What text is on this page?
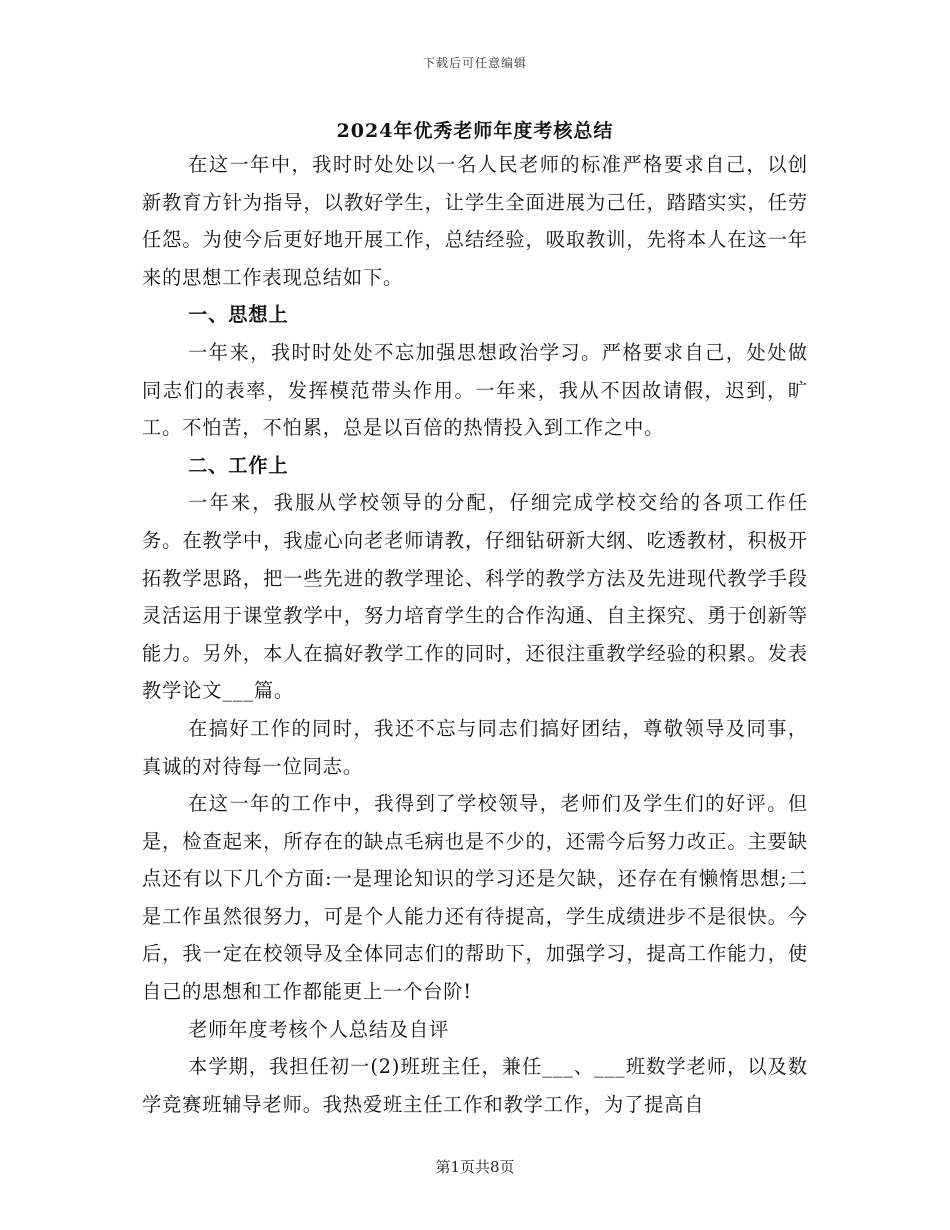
下载后可任意编辑
2024年优秀老师年度考核总结

在这一年中，我时时处处以一名人民老师的标准严格要求自己，以创新教育方针为指导，以教好学生，让学生全面进展为己任，踏踏实实，任劳任怨。为使今后更好地开展工作，总结经验，吸取教训，先将本人在这一年来的思想工作表现总结如下。

一、思想上

一年来，我时时处处不忘加强思想政治学习。严格要求自己，处处做同志们的表率，发挥模范带头作用。一年来，我从不因故请假，迟到，旷工。不怕苦，不怕累，总是以百倍的热情投入到工作之中。

二、工作上

一年来，我服从学校领导的分配，仔细完成学校交给的各项工作任务。在教学中，我虚心向老老师请教，仔细钻研新大纲、吃透教材，积极开拓教学思路，把一些先进的教学理论、科学的教学方法及先进现代教学手段灵活运用于课堂教学中，努力培育学生的合作沟通、自主探究、勇于创新等能力。另外，本人在搞好教学工作的同时，还很注重教学经验的积累。发表教学论文___篇。

在搞好工作的同时，我还不忘与同志们搞好团结，尊敬领导及同事，真诚的对待每一位同志。

在这一年的工作中，我得到了学校领导，老师们及学生们的好评。但是，检查起来，所存在的缺点毛病也是不少的，还需今后努力改正。主要缺点还有以下几个方面:一是理论知识的学习还是欠缺，还存在有懒惰思想;二是工作虽然很努力，可是个人能力还有待提高，学生成绩进步不是很快。今后，我一定在校领导及全体同志们的帮助下，加强学习，提高工作能力，使自己的思想和工作都能更上一个台阶!

老师年度考核个人总结及自评

本学期，我担任初一(2)班班主任，兼任___、___班数学老师，以及数学竞赛班辅导老师。我热爱班主任工作和教学工作，为了提高自

第1页共8页
